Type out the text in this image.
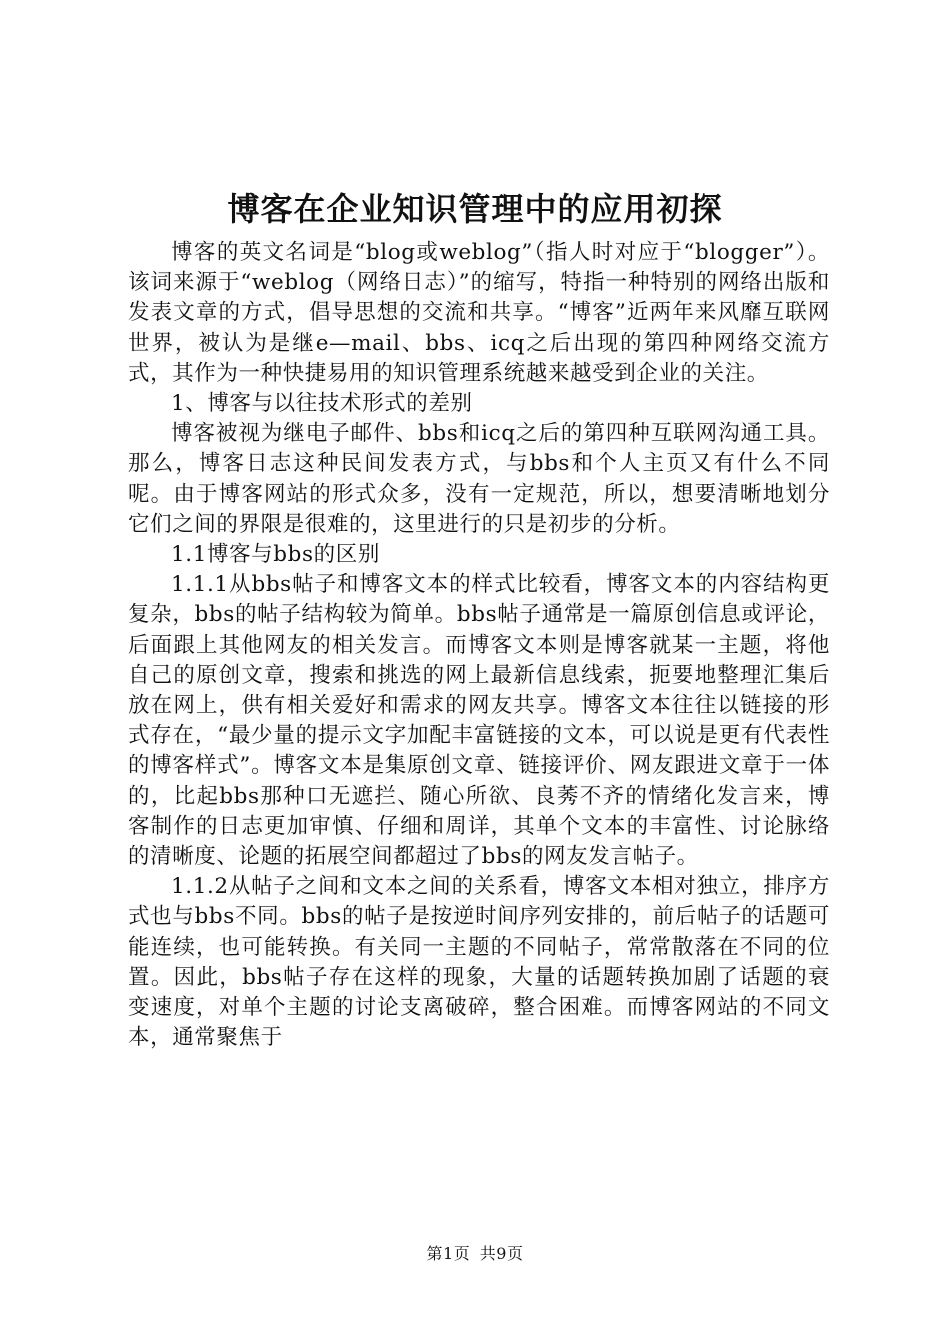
博客在企业知识管理中的应用初探

博客的英文名词是“blog或weblog”（指人时对应于“blogger”）。该词来源于“weblog（网络日志）”的缩写，特指一种特别的网络出版和发表文章的方式，倡导思想的交流和共享。“博客”近两年来风靡互联网世界，被认为是继e—mail、bbs、icq之后出现的第四种网络交流方式，其作为一种快捷易用的知识管理系统越来越受到企业的关注。

1、博客与以往技术形式的差别

博客被视为继电子邮件、bbs和icq之后的第四种互联网沟通工具。那么，博客日志这种民间发表方式，与bbs和个人主页又有什么不同呢。由于博客网站的形式众多，没有一定规范，所以，想要清晰地划分它们之间的界限是很难的，这里进行的只是初步的分析。

1.1博客与bbs的区别

1.1.1从bbs帖子和博客文本的样式比较看，博客文本的内容结构更复杂，bbs的帖子结构较为简单。bbs帖子通常是一篇原创信息或评论，后面跟上其他网友的相关发言。而博客文本则是博客就某一主题，将他自己的原创文章，搜索和挑选的网上最新信息线索，扼要地整理汇集后放在网上，供有相关爱好和需求的网友共享。博客文本往往以链接的形式存在，“最少量的提示文字加配丰富链接的文本，可以说是更有代表性的博客样式”。博客文本是集原创文章、链接评价、网友跟进文章于一体的，比起bbs那种口无遮拦、随心所欲、良莠不齐的情绪化发言来，博客制作的日志更加审慎、仔细和周详，其单个文本的丰富性、讨论脉络的清晰度、论题的拓展空间都超过了bbs的网友发言帖子。

1.1.2从帖子之间和文本之间的关系看，博客文本相对独立，排序方式也与bbs不同。bbs的帖子是按逆时间序列安排的，前后帖子的话题可能连续，也可能转换。有关同一主题的不同帖子，常常散落在不同的位置。因此，bbs帖子存在这样的现象，大量的话题转换加剧了话题的衰变速度，对单个主题的讨论支离破碎，整合困难。而博客网站的不同文本，通常聚焦于

第1页 共9页
